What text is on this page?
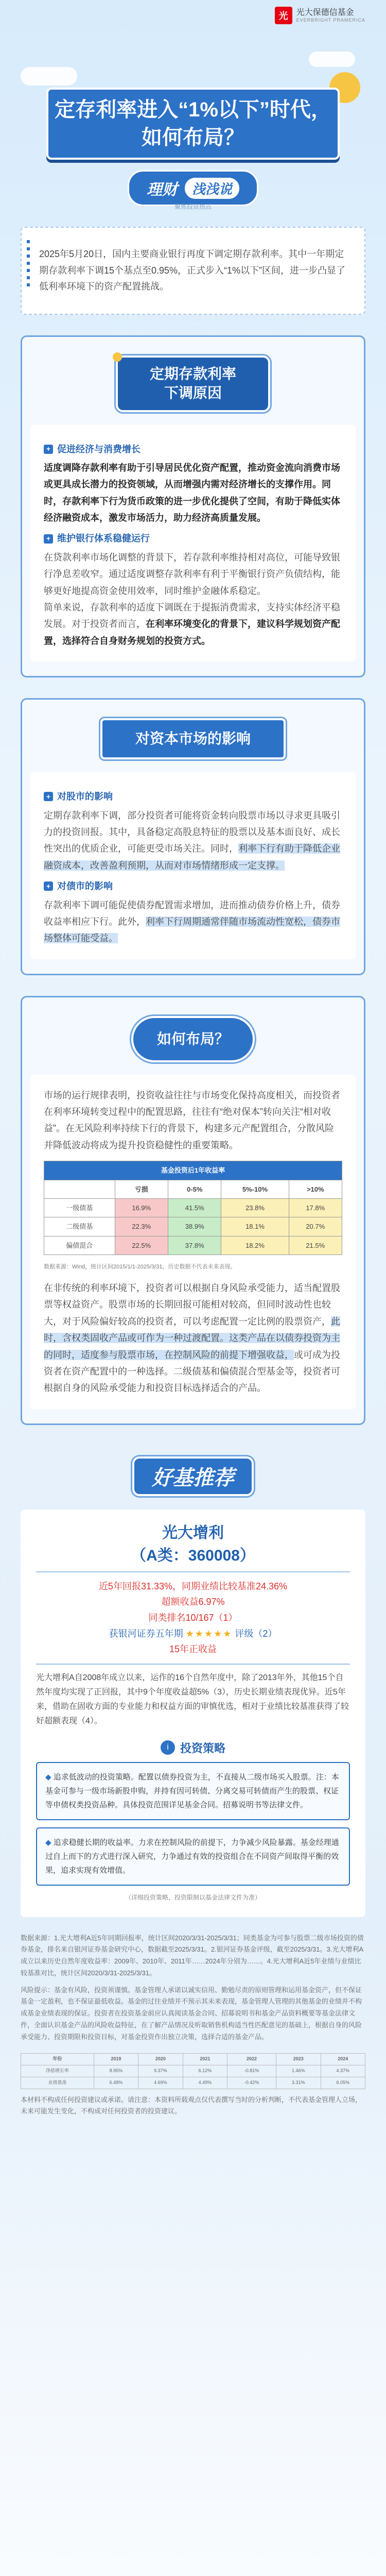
光	光大保德信基金
EVERBRIGHT PRAMERICA
定存利率进入“1%以下”时代，
如何布局？
理财	浅浅说
聚焦投资热点

2025年5月20日，国内主要商业银行再度下调定期存款利率。其中一年期定期存款利率下调15个基点至0.95%，正式步入“1%以下”区间，进一步凸显了低利率环境下的资产配置挑战。

定期存款利率
下调原因
+ 促进经济与消费增长

适度调降存款利率有助于引导居民优化资产配置，推动资金流向消费市场或更具成长潜力的投资领域，从而增强内需对经济增长的支撑作用。同时，存款利率下行为货币政策的进一步优化提供了空间，有助于降低实体经济融资成本，激发市场活力，助力经济高质量发展。

+ 维护银行体系稳健运行

在贷款利率市场化调整的背景下，若存款利率维持相对高位，可能导致银行净息差收窄。通过适度调整存款利率有利于平衡银行资产负债结构，能够更好地提高资金使用效率，同时维护金融体系稳定。

简单来说，存款利率的适度下调既在于提振消费需求，支持实体经济平稳发展。对于投资者而言，在利率环境变化的背景下，建议科学规划资产配置，选择符合自身财务规划的投资方式。

对资本市场的影响
+ 对股市的影响

定期存款利率下调，部分投资者可能将资金转向股票市场以寻求更具吸引力的投资回报。其中，具备稳定高股息特征的股票以及基本面良好、成长性突出的优质企业，可能更受市场关注。同时，利率下行有助于降低企业融资成本，改善盈利预期，从而对市场情绪形成一定支撑。

+ 对债市的影响

存款利率下调可能促使债券配置需求增加，进而推动债券价格上升，债券收益率相应下行。此外，利率下行周期通常伴随市场流动性宽松，债券市场整体可能受益。

如何布局？

市场的运行规律表明，投资收益往往与市场变化保持高度相关，而投资者在利率环境转变过程中的配置思路，往往有“绝对保本”转向关注“相对收益”。在无风险利率持续下行的背景下，构建多元产配置组合，分散风险并降低波动将成为提升投资稳健性的重要策略。

基金投资后1年收益率				
	亏损	0-5%	5%-10%	>10%
一级债基	16.9%	41.5%	23.8%	17.8%
二级债基	22.3%	38.9%	18.1%	20.7%
偏债混合	22.5%	37.8%	18.2%	21.5%

数据来源：Wind，统计区间2015/1/1-2025/3/31，历史数据不代表未来表现。

在非传统的利率环境下，投资者可以根据自身风险承受能力，适当配置股票等权益资产。股票市场的长期回报可能相对较高，但同时波动性也较大，对于风险偏好较高的投资者，可以考虑配置一定比例的股票资产，此时，含权类固收产品或可作为一种过渡配置。这类产品在以债券投资为主的同时，适度参与股票市场，在控制风险的前提下增强收益，或可成为投资者在资产配置中的一种选择。二级债基和偏债混合型基金等，投资者可根据自身的风险承受能力和投资目标选择适合的产品。

好基推荐
光大增利
（A类：360008）
近5年回报31.33%，同期业绩比较基准24.36%
超额收益6.97%
同类排名10/167（1）
获银河证券五年期 ★★★★★ 评级（2）
15年正收益

光大增利A自2008年成立以来，运作的16个自然年度中，除了2013年外，其他15个自然年度均实现了正回报，其中9个年度收益超5%（3），历史长期业绩表现优异。近5年来，借助在固收方面的专业能力和权益方面的审慎优选，相对于业绩比较基准获得了较好超额表现（4）。

i	投资策略
◆ 追求低波动的投资策略。配置以债券投资为主，不直接从二级市场买入股票。注：本基金可参与一级市场新股申购，并持有因可转债、分离交易可转债而产生的股票、权证等申债权类投资品种。具体投资范围详见基金合同。招募说明书等法律文件。
◆ 追求稳健长期的收益率。力求在控制风险的前提下，力争减少风险暴露。基金经理通过自上而下的方式进行深入研究，力争通过有效的投资组合在不同资产间取得平衡的效果，追求实现有效增值。
（详细投资策略，投资限制以基金法律文件为准）

数据来源：1.光大增利A近5年同期回报率，统计区间2020/3/31-2025/3/31；同类基金为可参与股票二级市场投资的债券基金，排名来自银河证券基金研究中心，数据截至2025/3/31。2.银河证券基金评级，截至2025/3/31。3.光大增利A成立以来历史自然年度收益率：2009年、2010年、2011年……2024年分别为……。4.光大增利A近5年业绩与业绩比较基准对比，统计区间2020/3/31-2025/3/31。

风险提示：基金有风险，投资须谨慎。基金管理人承诺以诚实信用、勤勉尽责的原则管理和运用基金资产，但不保证基金一定盈利，也不保证最低收益。基金的过往业绩并不预示其未来表现，基金管理人管理的其他基金的业绩并不构成基金业绩表现的保证。投资者在投资基金前应认真阅读基金合同、招募说明书和基金产品资料概要等基金法律文件，全面认识基金产品的风险收益特征，在了解产品情况及听取销售机构适当性匹配意见的基础上，根据自身的风险承受能力、投资期限和投资目标，对基金投资作出独立决策，选择合适的基金产品。

年份	2019	2020	2021	2022	2023	2024
净值增长率	8.95%	9.37%	6.12%	-0.81%	1.46%	4.37%
业绩基准	6.48%	4.69%	4.49%	-0.42%	3.31%	6.05%

本材料不构成任何投资建议或承诺。请注意：本资料所载观点仅代表撰写当时的分析判断，不代表基金管理人立场，未来可能发生变化，不构成对任何投资者的投资建议。
